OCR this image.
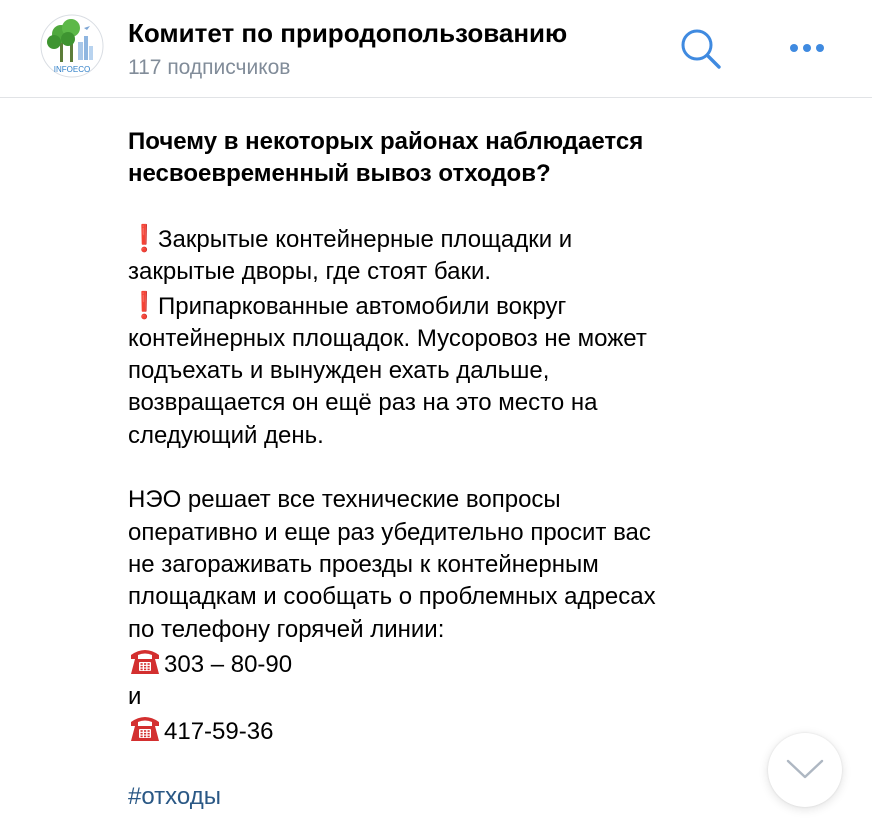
INFOECO
Комитет по природопользованию
117 подписчиков
Почему в некоторых районах наблюдается
несвоевременный вывоз отходов?
❗Закрытые контейнерные площадки и
закрытые дворы, где стоят баки.
❗Припаркованные автомобили вокруг
контейнерных площадок. Мусоровоз не может
подъехать и вынужден ехать дальше,
возвращается он ещё раз на это место на
следующий день.
НЭО решает все технические вопросы
оперативно и еще раз убедительно просит вас
не загораживать проезды к контейнерным
площадкам и сообщать о проблемных адресах
по телефону горячей линии:
303 – 80-90
и
417-59-36
#отходы
